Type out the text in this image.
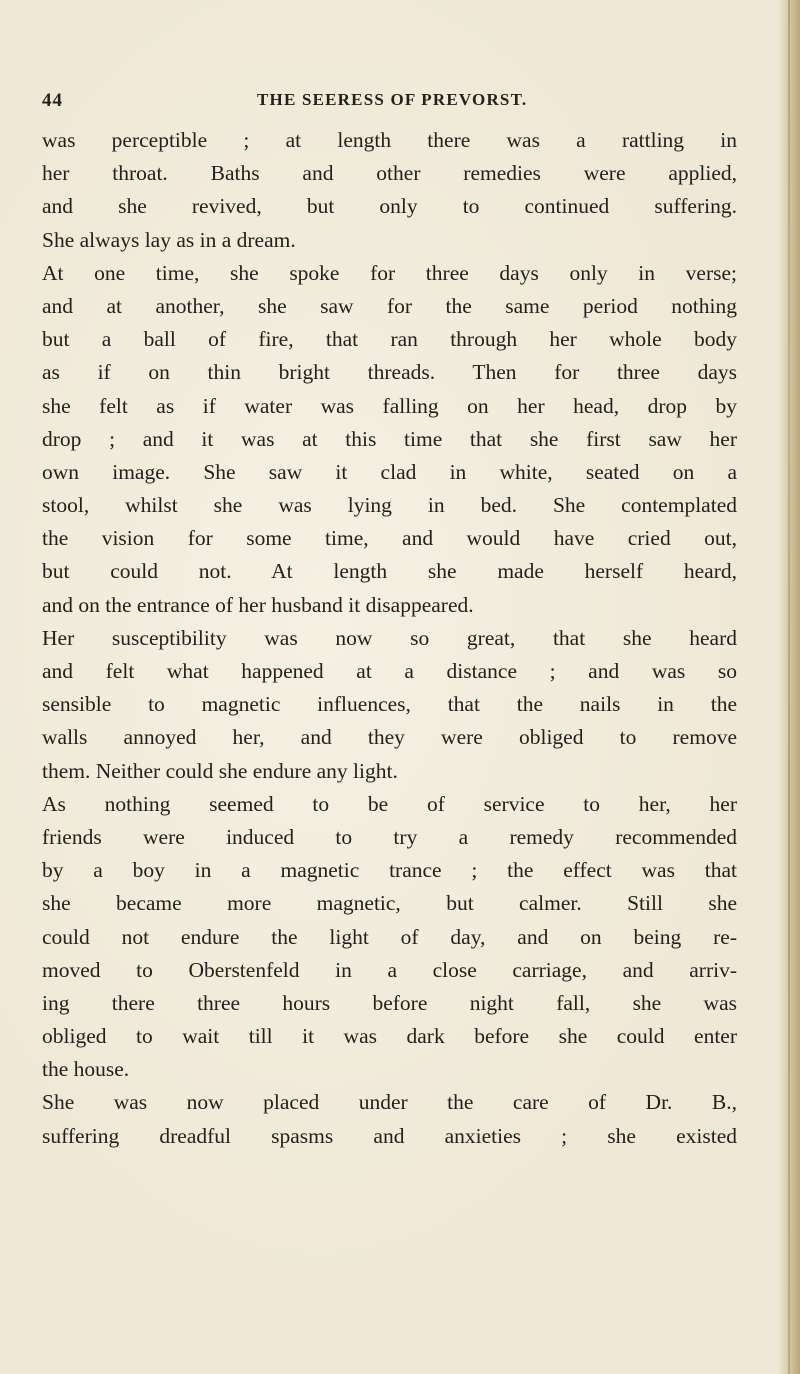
44	THE SEERESS OF PREVORST.
was perceptible ; at length there was a rattling in
her throat. Baths and other remedies were applied,
and she revived, but only to continued suffering.
She always lay as in a dream.
At one time, she spoke for three days only in verse;
and at another, she saw for the same period nothing
but a ball of fire, that ran through her whole body
as if on thin bright threads. Then for three days
she felt as if water was falling on her head, drop by
drop ; and it was at this time that she first saw her
own image. She saw it clad in white, seated on a
stool, whilst she was lying in bed. She contemplated
the vision for some time, and would have cried out,
but could not. At length she made herself heard,
and on the entrance of her husband it disappeared.
Her susceptibility was now so great, that she heard
and felt what happened at a distance ; and was so
sensible to magnetic influences, that the nails in the
walls annoyed her, and they were obliged to remove
them. Neither could she endure any light.
As nothing seemed to be of service to her, her
friends were induced to try a remedy recommended
by a boy in a magnetic trance ; the effect was that
she became more magnetic, but calmer. Still she
could not endure the light of day, and on being re-
moved to Oberstenfeld in a close carriage, and arriv-
ing there three hours before night fall, she was
obliged to wait till it was dark before she could enter
the house.
She was now placed under the care of Dr. B.,
suffering dreadful spasms and anxieties ; she existed
